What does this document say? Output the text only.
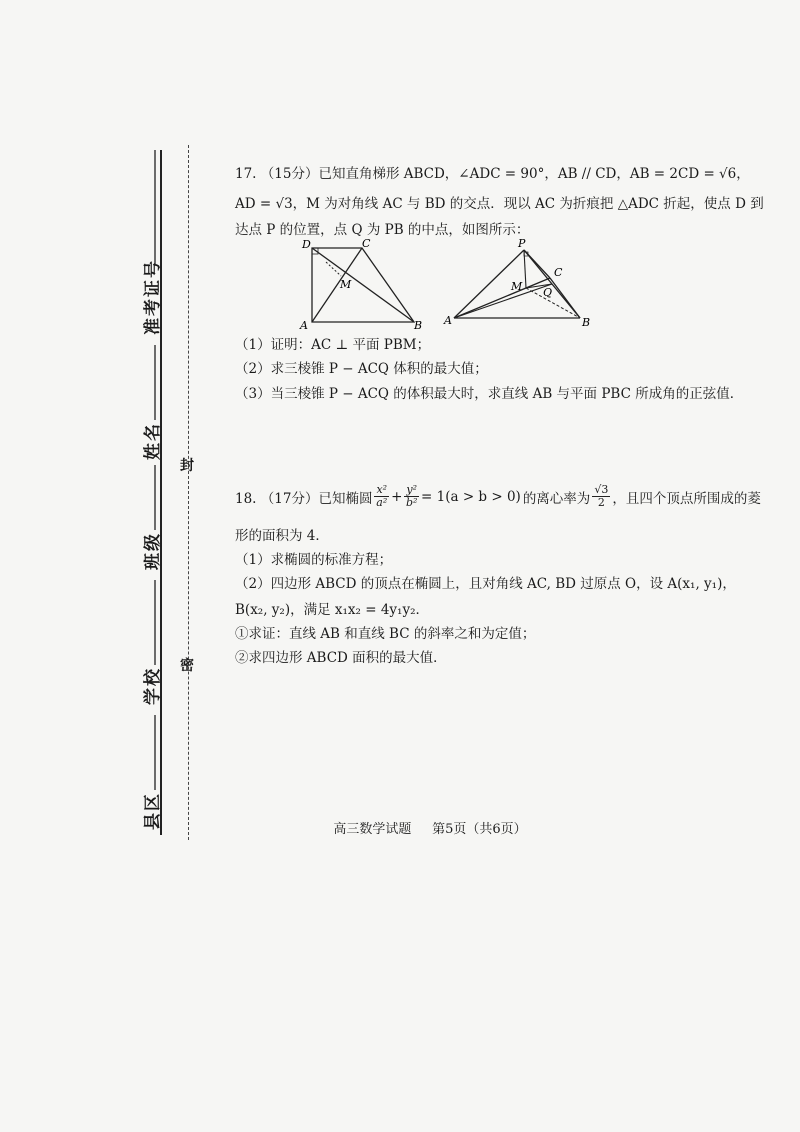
准考证号
姓名
班级
学校
县区
封
密
17. （15分）已知直角梯形 ABCD，∠ADC = 90°，AB // CD，AB = 2CD = √6，
AD = √3，M 为对角线 AC 与 BD 的交点．现以 AC 为折痕把 △ADC 折起，使点 D 到
达点 P 的位置，点 Q 为 PB 的中点，如图所示：
D	C
M
A	B
P
C
M Q
A	B
（1）证明：AC ⊥ 平面 PBM；
（2）求三棱锥 P − ACQ 体积的最大值；
（3）当三棱锥 P − ACQ 的体积最大时，求直线 AB 与平面 PBC 所成角的正弦值．
18. （17分）已知椭圆 $\frac{\text{x²}}{\text{a²}} + \frac{\text{y²}}{\text{b²}} = 1(a > b > 0)$ 的离心率为 $\frac{√3}{2}$ ，且四个顶点所围成的菱
形的面积为 4．
（1）求椭圆的标准方程；
（2）四边形 ABCD 的顶点在椭圆上，且对角线 AC, BD 过原点 O，设 A(x₁, y₁)，
B(x₂, y₂)，满足 x₁x₂ = 4y₁y₂．
①求证：直线 AB 和直线 BC 的斜率之和为定值；
②求四边形 ABCD 面积的最大值．
高三数学试题 第5页（共6页）
